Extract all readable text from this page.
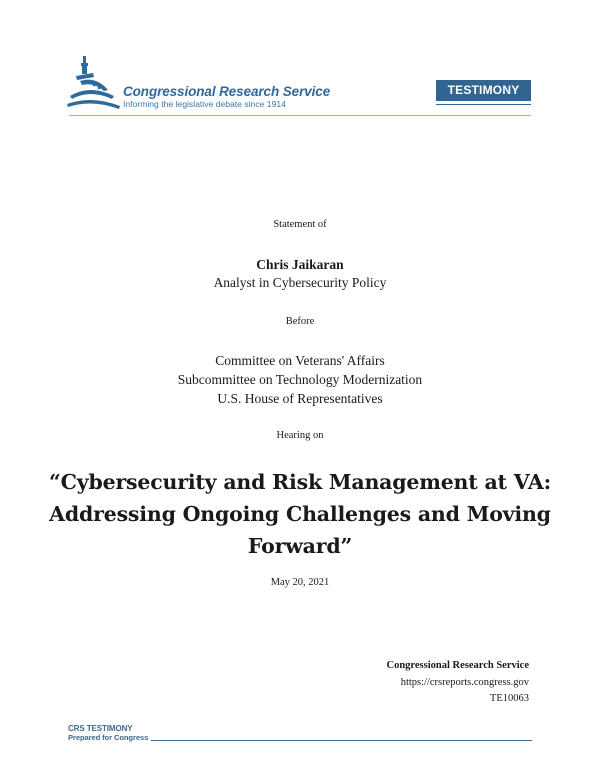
Congressional Research Service
Informing the legislative debate since 1914
TESTIMONY
Statement of
Chris Jaikaran
Analyst in Cybersecurity Policy
Before
Committee on Veterans' Affairs
Subcommittee on Technology Modernization
U.S. House of Representatives
Hearing on
“Cybersecurity and Risk Management at VA:
Addressing Ongoing Challenges and Moving
Forward”
May 20, 2021
Congressional Research Service
https://crsreports.congress.gov
TE10063
CRS TESTIMONY
Prepared for Congress
